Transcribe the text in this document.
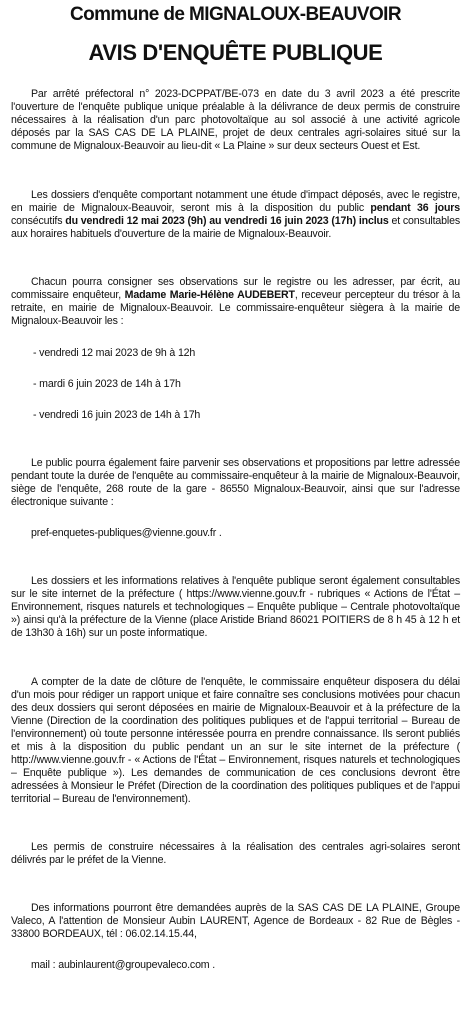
Commune de MIGNALOUX-BEAUVOIR
AVIS D'ENQUÊTE PUBLIQUE

Par arrêté préfectoral n° 2023-DCPPAT/BE-073 en date du 3 avril 2023 a été prescrite l'ouverture de l'enquête publique unique préalable à la délivrance de deux permis de construire nécessaires à la réalisation d'un parc photovoltaïque au sol associé à une activité agricole déposés par la SAS CAS DE LA PLAINE, projet de deux centrales agri-solaires situé sur la commune de Mignaloux-Beauvoir au lieu-dit « La Plaine » sur deux secteurs Ouest et Est.

Les dossiers d'enquête comportant notamment une étude d'impact déposés, avec le registre, en mairie de Mignaloux-Beauvoir, seront mis à la disposition du public pendant 36 jours consécutifs du vendredi 12 mai 2023 (9h) au vendredi 16 juin 2023 (17h) inclus et consultables aux horaires habituels d'ouverture de la mairie de Mignaloux-Beauvoir.

Chacun pourra consigner ses observations sur le registre ou les adresser, par écrit, au commissaire enquêteur, Madame Marie-Hélène AUDEBERT, receveur percepteur du trésor à la retraite, en mairie de Mignaloux-Beauvoir. Le commissaire-enquêteur siègera à la mairie de Mignaloux-Beauvoir les :

- vendredi 12 mai 2023 de 9h à 12h

- mardi 6 juin 2023 de 14h à 17h

- vendredi 16 juin 2023 de 14h à 17h

Le public pourra également faire parvenir ses observations et propositions par lettre adressée pendant toute la durée de l'enquête au commissaire-enquêteur à la mairie de Mignaloux-Beauvoir, siège de l'enquête, 268 route de la gare - 86550 Mignaloux-Beauvoir, ainsi que sur l'adresse électronique suivante :

pref-enquetes-publiques@vienne.gouv.fr .

Les dossiers et les informations relatives à l'enquête publique seront également consultables sur le site internet de la préfecture ( https://www.vienne.gouv.fr - rubriques « Actions de l'État – Environnement, risques naturels et technologiques – Enquête publique – Centrale photovoltaïque ») ainsi qu'à la préfecture de la Vienne (place Aristide Briand 86021 POITIERS de 8 h 45 à 12 h et de 13h30 à 16h) sur un poste informatique.

A compter de la date de clôture de l'enquête, le commissaire enquêteur disposera du délai d'un mois pour rédiger un rapport unique et faire connaître ses conclusions motivées pour chacun des deux dossiers qui seront déposées en mairie de Mignaloux-Beauvoir et à la préfecture de la Vienne (Direction de la coordination des politiques publiques et de l'appui territorial – Bureau de l'environnement) où toute personne intéressée pourra en prendre connaissance. Ils seront publiés et mis à la disposition du public pendant un an sur le site internet de la préfecture ( http://www.vienne.gouv.fr - « Actions de l'État – Environnement, risques naturels et technologiques – Enquête publique »). Les demandes de communication de ces conclusions devront être adressées à Monsieur le Préfet (Direction de la coordination des politiques publiques et de l'appui territorial – Bureau de l'environnement).

Les permis de construire nécessaires à la réalisation des centrales agri-solaires seront délivrés par le préfet de la Vienne.

Des informations pourront être demandées auprès de la SAS CAS DE LA PLAINE, Groupe Valeco, A l'attention de Monsieur Aubin LAURENT, Agence de Bordeaux - 82 Rue de Bègles - 33800 BORDEAUX, tél : 06.02.14.15.44,

mail : aubinlaurent@groupevaleco.com .
